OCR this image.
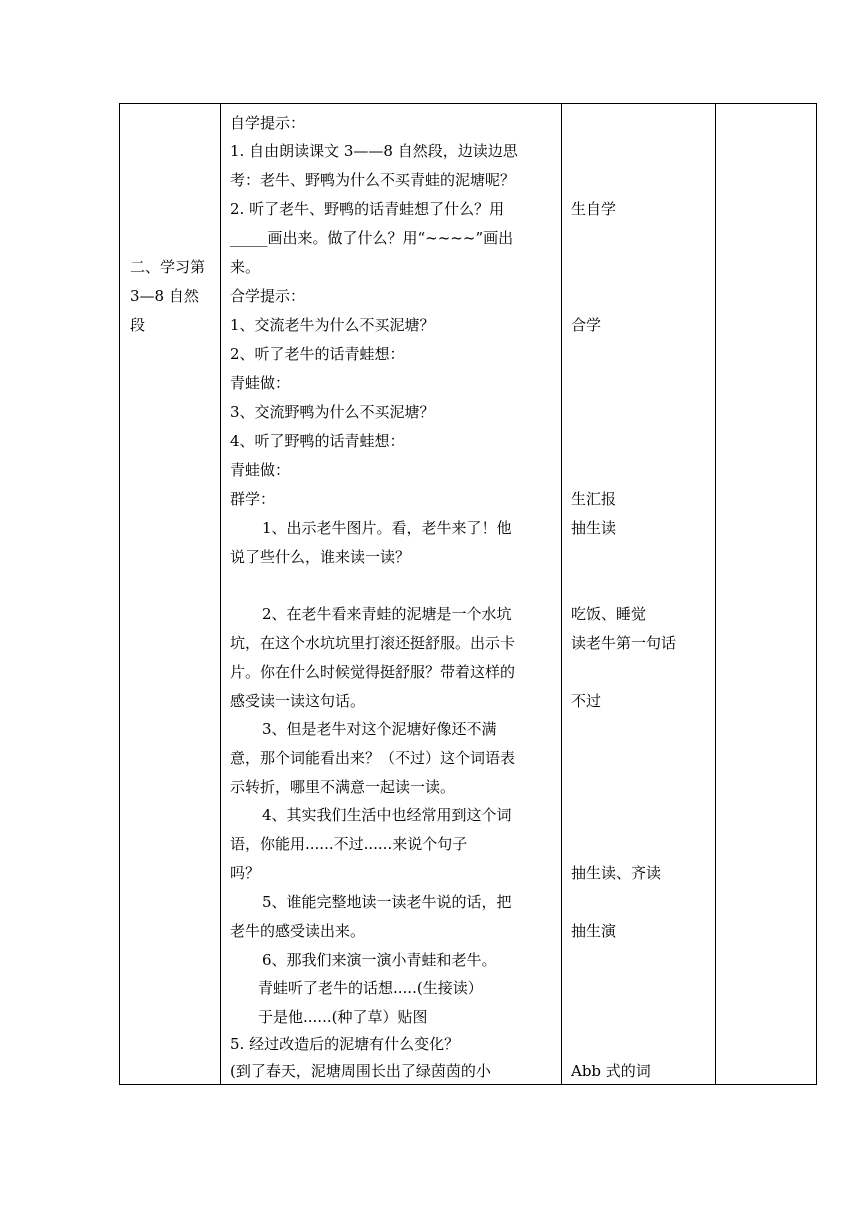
二、学习第
3—8 自然
段
自学提示：
1. 自由朗读课文 3——8 自然段，边读边思
考：老牛、野鸭为什么不买青蛙的泥塘呢？
2. 听了老牛、野鸭的话青蛙想了什么？用
_____画出来。做了什么？用“~~~~”画出
来。
合学提示：
1、交流老牛为什么不买泥塘？
2、听了老牛的话青蛙想：
青蛙做：
3、交流野鸭为什么不买泥塘？
4、听了野鸭的话青蛙想：
青蛙做：
群学：
1、出示老牛图片。看，老牛来了！他
说了些什么，谁来读一读？
2、在老牛看来青蛙的泥塘是一个水坑
坑，在这个水坑坑里打滚还挺舒服。出示卡
片。你在什么时候觉得挺舒服？带着这样的
感受读一读这句话。
3、但是老牛对这个泥塘好像还不满
意，那个词能看出来？（不过）这个词语表
示转折，哪里不满意一起读一读。
4、其实我们生活中也经常用到这个词
语，你能用......不过......来说个句子
吗？
5、谁能完整地读一读老牛说的话，把
老牛的感受读出来。
6、那我们来演一演小青蛙和老牛。
青蛙听了老牛的话想.....(生接读）
于是他......(种了草）贴图
5. 经过改造后的泥塘有什么变化？
(到了春天，泥塘周围长出了绿茵茵的小
生自学
合学
生汇报
抽生读
吃饭、睡觉
读老牛第一句话
不过
抽生读、齐读
抽生演
Abb 式的词
